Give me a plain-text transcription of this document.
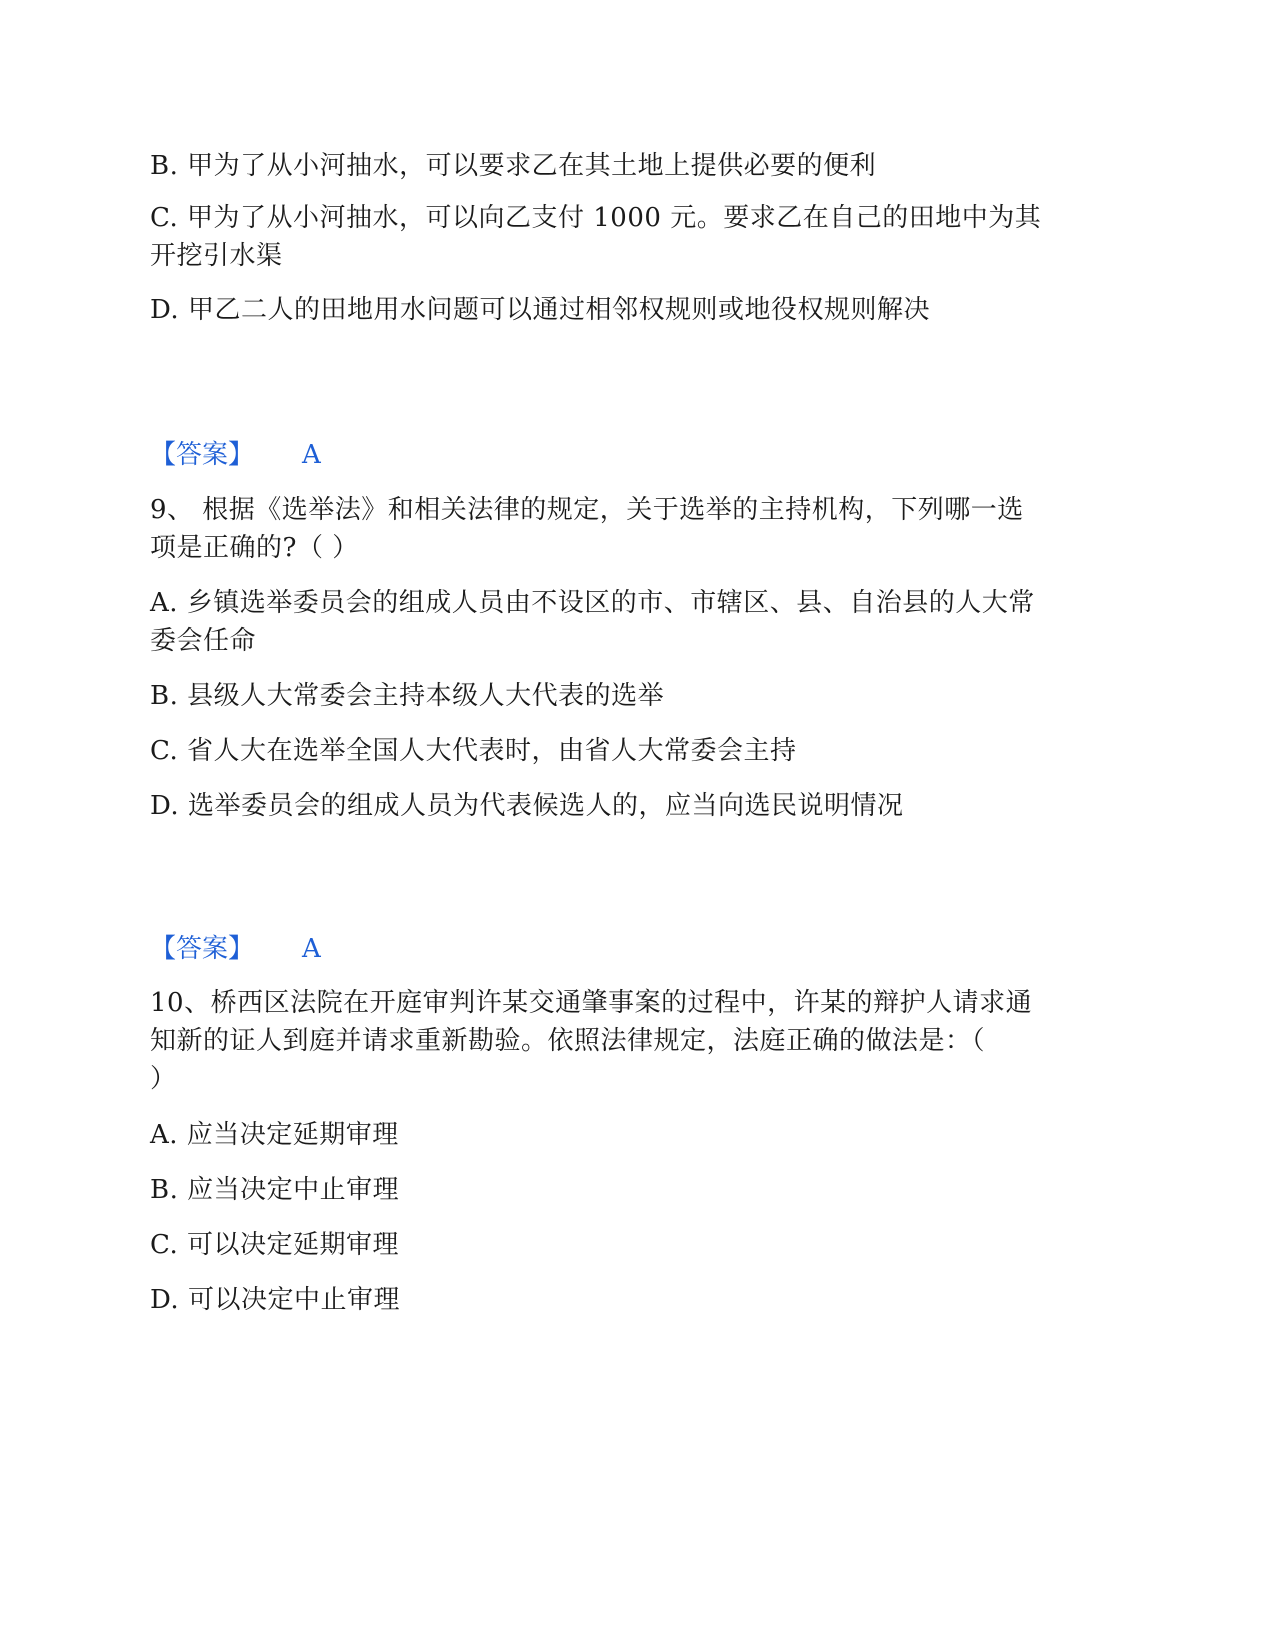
B. 甲为了从小河抽水，可以要求乙在其土地上提供必要的便利
C. 甲为了从小河抽水，可以向乙支付 1000 元。要求乙在自己的田地中为其
开挖引水渠
D. 甲乙二人的田地用水问题可以通过相邻权规则或地役权规则解决
【答案】 A
9、 根据《选举法》和相关法律的规定，关于选举的主持机构，下列哪一选
项是正确的?（ ）
A. 乡镇选举委员会的组成人员由不设区的市、市辖区、县、自治县的人大常
委会任命
B. 县级人大常委会主持本级人大代表的选举
C. 省人大在选举全国人大代表时，由省人大常委会主持
D. 选举委员会的组成人员为代表候选人的，应当向选民说明情况
【答案】 A
10、桥西区法院在开庭审判许某交通肇事案的过程中，许某的辩护人请求通
知新的证人到庭并请求重新勘验。依照法律规定，法庭正确的做法是：（
）
A. 应当决定延期审理
B. 应当决定中止审理
C. 可以决定延期审理
D. 可以决定中止审理
